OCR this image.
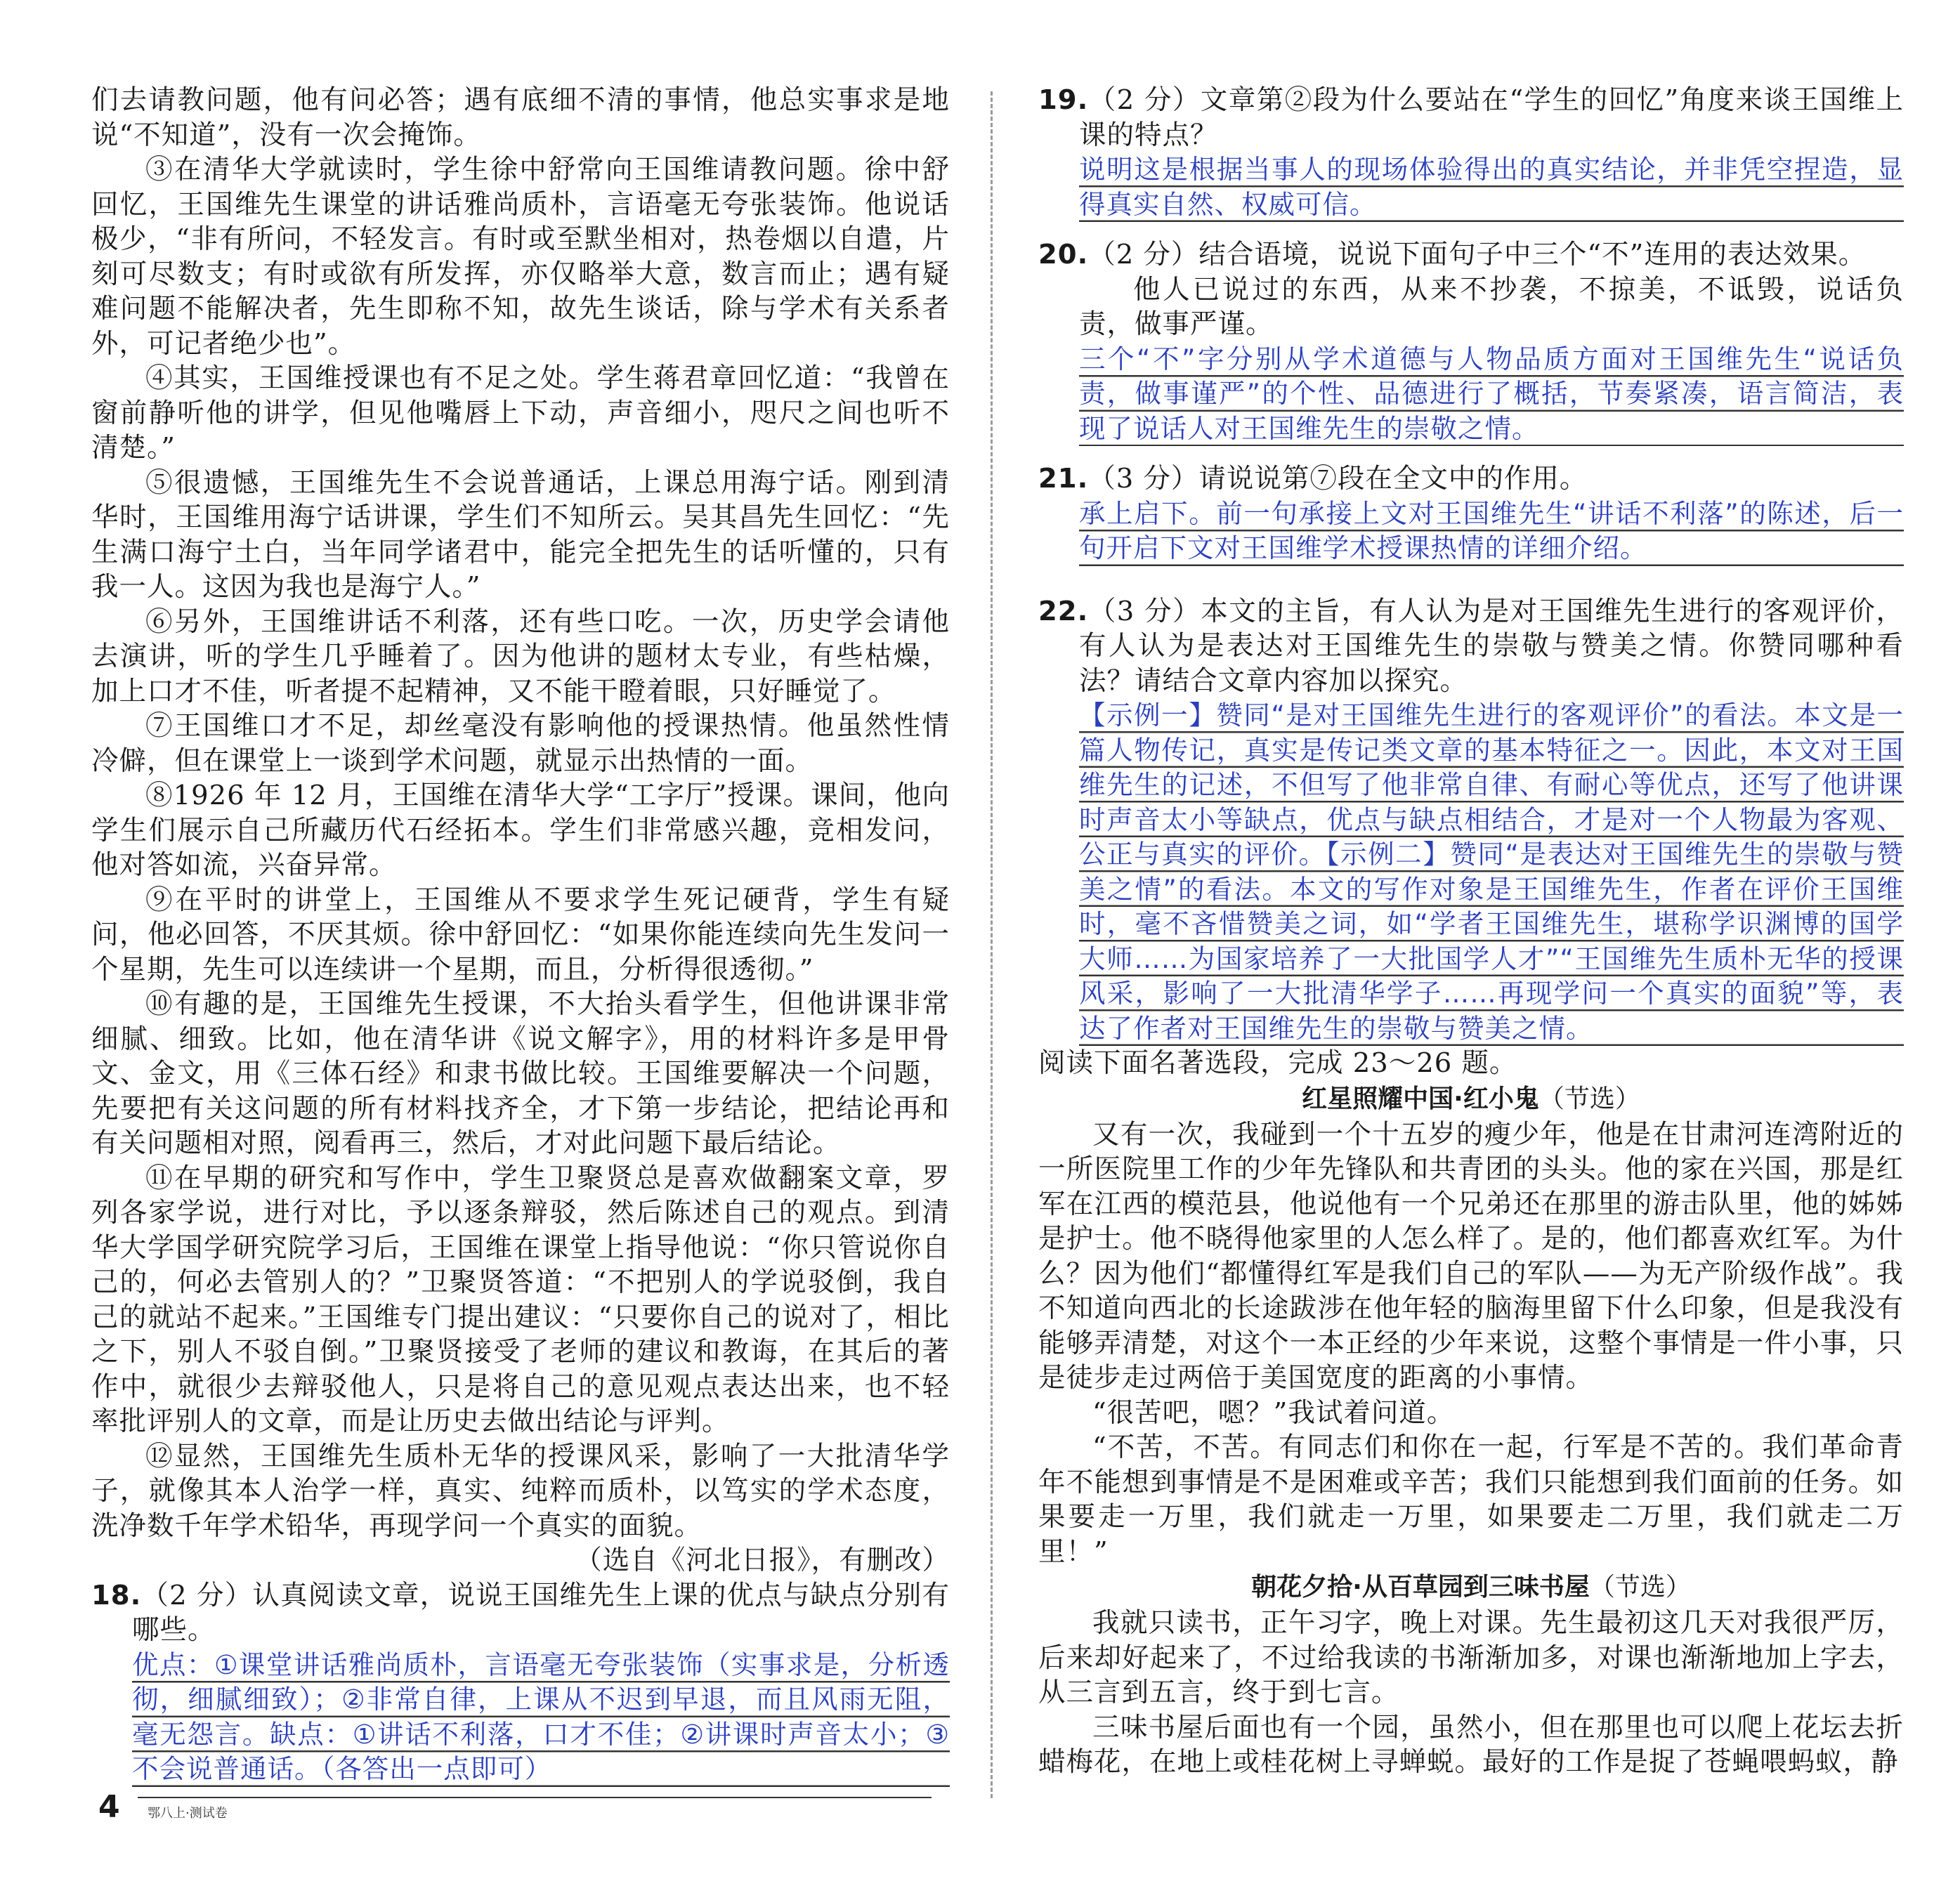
们去请教问题，他有问必答；遇有底细不清的事情，他总实事求是地说“不知道”，没有一次会掩饰。

③在清华大学就读时，学生徐中舒常向王国维请教问题。徐中舒回忆，王国维先生课堂的讲话雅尚质朴，言语毫无夸张装饰。他说话极少，“非有所问，不轻发言。有时或至默坐相对，热卷烟以自遣，片刻可尽数支；有时或欲有所发挥，亦仅略举大意，数言而止；遇有疑难问题不能解决者，先生即称不知，故先生谈话，除与学术有关系者外，可记者绝少也”。

④其实，王国维授课也有不足之处。学生蒋君章回忆道：“我曾在窗前静听他的讲学，但见他嘴唇上下动，声音细小，咫尺之间也听不清楚。”

⑤很遗憾，王国维先生不会说普通话，上课总用海宁话。刚到清华时，王国维用海宁话讲课，学生们不知所云。吴其昌先生回忆：“先生满口海宁土白，当年同学诸君中，能完全把先生的话听懂的，只有我一人。这因为我也是海宁人。”

⑥另外，王国维讲话不利落，还有些口吃。一次，历史学会请他去演讲，听的学生几乎睡着了。因为他讲的题材太专业，有些枯燥，加上口才不佳，听者提不起精神，又不能干瞪着眼，只好睡觉了。

⑦王国维口才不足，却丝毫没有影响他的授课热情。他虽然性情冷僻，但在课堂上一谈到学术问题，就显示出热情的一面。

⑧1926 年 12 月，王国维在清华大学“工字厅”授课。课间，他向学生们展示自己所藏历代石经拓本。学生们非常感兴趣，竞相发问，他对答如流，兴奋异常。

⑨在平时的讲堂上，王国维从不要求学生死记硬背，学生有疑问，他必回答，不厌其烦。徐中舒回忆：“如果你能连续向先生发问一个星期，先生可以连续讲一个星期，而且，分析得很透彻。”

⑩有趣的是，王国维先生授课，不大抬头看学生，但他讲课非常细腻、细致。比如，他在清华讲《说文解字》，用的材料许多是甲骨文、金文，用《三体石经》和隶书做比较。王国维要解决一个问题，先要把有关这问题的所有材料找齐全，才下第一步结论，把结论再和有关问题相对照，阅看再三，然后，才对此问题下最后结论。

⑪在早期的研究和写作中，学生卫聚贤总是喜欢做翻案文章，罗列各家学说，进行对比，予以逐条辩驳，然后陈述自己的观点。到清华大学国学研究院学习后，王国维在课堂上指导他说：“你只管说你自己的，何必去管别人的？”卫聚贤答道：“不把别人的学说驳倒，我自己的就站不起来。”王国维专门提出建议：“只要你自己的说对了，相比之下，别人不驳自倒。”卫聚贤接受了老师的建议和教诲，在其后的著作中，就很少去辩驳他人，只是将自己的意见观点表达出来，也不轻率批评别人的文章，而是让历史去做出结论与评判。

⑫显然，王国维先生质朴无华的授课风采，影响了一大批清华学子，就像其本人治学一样，真实、纯粹而质朴，以笃实的学术态度，洗净数千年学术铅华，再现学问一个真实的面貌。

（选自《河北日报》，有删改）

18.（2 分）认真阅读文章，说说王国维先生上课的优点与缺点分别有哪些。

优点：①课堂讲话雅尚质朴，言语毫无夸张装饰（实事求是，分析透彻，细腻细致）；②非常自律，上课从不迟到早退，而且风雨无阻，毫无怨言。缺点：①讲话不利落，口才不佳；②讲课时声音太小；③不会说普通话。（各答出一点即可）

19.（2 分）文章第②段为什么要站在“学生的回忆”角度来谈王国维上课的特点？

说明这是根据当事人的现场体验得出的真实结论，并非凭空捏造，显得真实自然、权威可信。

20.（2 分）结合语境，说说下面句子中三个“不”连用的表达效果。

他人已说过的东西，从来不抄袭，不掠美，不诋毁，说话负责，做事严谨。

三个“不”字分别从学术道德与人物品质方面对王国维先生“说话负责，做事谨严”的个性、品德进行了概括，节奏紧凑，语言简洁，表现了说话人对王国维先生的崇敬之情。

21.（3 分）请说说第⑦段在全文中的作用。

承上启下。前一句承接上文对王国维先生“讲话不利落”的陈述，后一句开启下文对王国维学术授课热情的详细介绍。

22.（3 分）本文的主旨，有人认为是对王国维先生进行的客观评价，有人认为是表达对王国维先生的崇敬与赞美之情。你赞同哪种看法？请结合文章内容加以探究。

【示例一】赞同“是对王国维先生进行的客观评价”的看法。本文是一篇人物传记，真实是传记类文章的基本特征之一。因此，本文对王国维先生的记述，不但写了他非常自律、有耐心等优点，还写了他讲课时声音太小等缺点，优点与缺点相结合，才是对一个人物最为客观、公正与真实的评价。【示例二】赞同“是表达对王国维先生的崇敬与赞美之情”的看法。本文的写作对象是王国维先生，作者在评价王国维时，毫不吝惜赞美之词，如“学者王国维先生，堪称学识渊博的国学大师……为国家培养了一大批国学人才”“王国维先生质朴无华的授课风采，影响了一大批清华学子……再现学问一个真实的面貌”等，表达了作者对王国维先生的崇敬与赞美之情。

阅读下面名著选段，完成 23～26 题。

红星照耀中国·红小鬼（节选）

又有一次，我碰到一个十五岁的瘦少年，他是在甘肃河连湾附近的一所医院里工作的少年先锋队和共青团的头头。他的家在兴国，那是红军在江西的模范县，他说他有一个兄弟还在那里的游击队里，他的姊姊是护士。他不晓得他家里的人怎么样了。是的，他们都喜欢红军。为什么？因为他们“都懂得红军是我们自己的军队——为无产阶级作战”。我不知道向西北的长途跋涉在他年轻的脑海里留下什么印象，但是我没有能够弄清楚，对这个一本正经的少年来说，这整个事情是一件小事，只是徒步走过两倍于美国宽度的距离的小事情。

“很苦吧，嗯？”我试着问道。

“不苦，不苦。有同志们和你在一起，行军是不苦的。我们革命青年不能想到事情是不是困难或辛苦；我们只能想到我们面前的任务。如果要走一万里，我们就走一万里，如果要走二万里，我们就走二万里！”

朝花夕拾·从百草园到三味书屋（节选）

我就只读书，正午习字，晚上对课。先生最初这几天对我很严厉，后来却好起来了，不过给我读的书渐渐加多，对课也渐渐地加上字去，从三言到五言，终于到七言。

三味书屋后面也有一个园，虽然小，但在那里也可以爬上花坛去折蜡梅花，在地上或桂花树上寻蝉蜕。最好的工作是捉了苍蝇喂蚂蚁，静

4 鄂八上·测试卷
